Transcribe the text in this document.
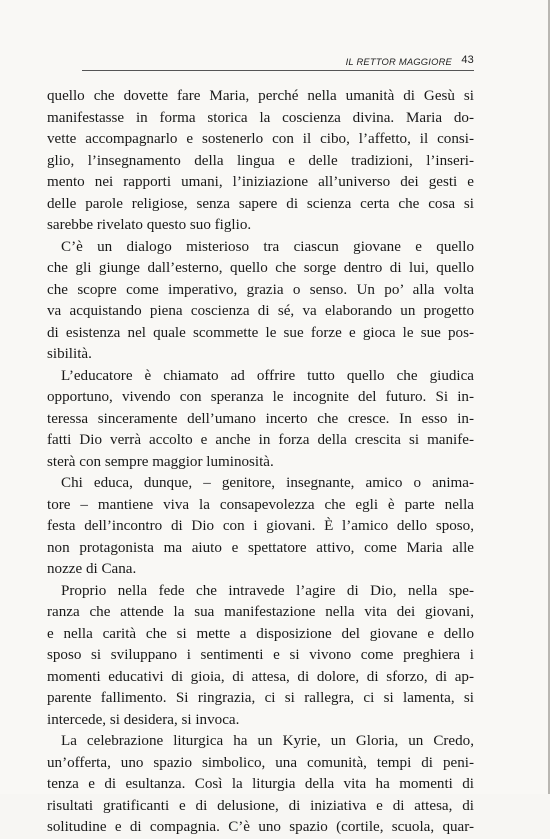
IL RETTOR MAGGIORE 43

quello che dovette fare Maria, perché nella umanità di Gesù si
manifestasse in forma storica la coscienza divina. Maria do-
vette accompagnarlo e sostenerlo con il cibo, l’affetto, il consi-
glio, l’insegnamento della lingua e delle tradizioni, l’inseri-
mento nei rapporti umani, l’iniziazione all’universo dei gesti e
delle parole religiose, senza sapere di scienza certa che cosa si
sarebbe rivelato questo suo figlio.

C’è un dialogo misterioso tra ciascun giovane e quello
che gli giunge dall’esterno, quello che sorge dentro di lui, quello
che scopre come imperativo, grazia o senso. Un po’ alla volta
va acquistando piena coscienza di sé, va elaborando un progetto
di esistenza nel quale scommette le sue forze e gioca le sue pos-
sibilità.

L’educatore è chiamato ad offrire tutto quello che giudica
opportuno, vivendo con speranza le incognite del futuro. Si in-
teressa sinceramente dell’umano incerto che cresce. In esso in-
fatti Dio verrà accolto e anche in forza della crescita si manife-
sterà con sempre maggior luminosità.

Chi educa, dunque, – genitore, insegnante, amico o anima-
tore – mantiene viva la consapevolezza che egli è parte nella
festa dell’incontro di Dio con i giovani. È l’amico dello sposo,
non protagonista ma aiuto e spettatore attivo, come Maria alle
nozze di Cana.

Proprio nella fede che intravede l’agire di Dio, nella spe-
ranza che attende la sua manifestazione nella vita dei giovani,
e nella carità che si mette a disposizione del giovane e dello
sposo si sviluppano i sentimenti e si vivono come preghiera i
momenti educativi di gioia, di attesa, di dolore, di sforzo, di ap-
parente fallimento. Si ringrazia, ci si rallegra, ci si lamenta, si
intercede, si desidera, si invoca.

La celebrazione liturgica ha un Kyrie, un Gloria, un Credo,
un’offerta, uno spazio simbolico, una comunità, tempi di peni-
tenza e di esultanza. Così la liturgia della vita ha momenti di
risultati gratificanti e di delusione, di iniziativa e di attesa, di
solitudine e di compagnia. C’è uno spazio (cortile, scuola, quar-
